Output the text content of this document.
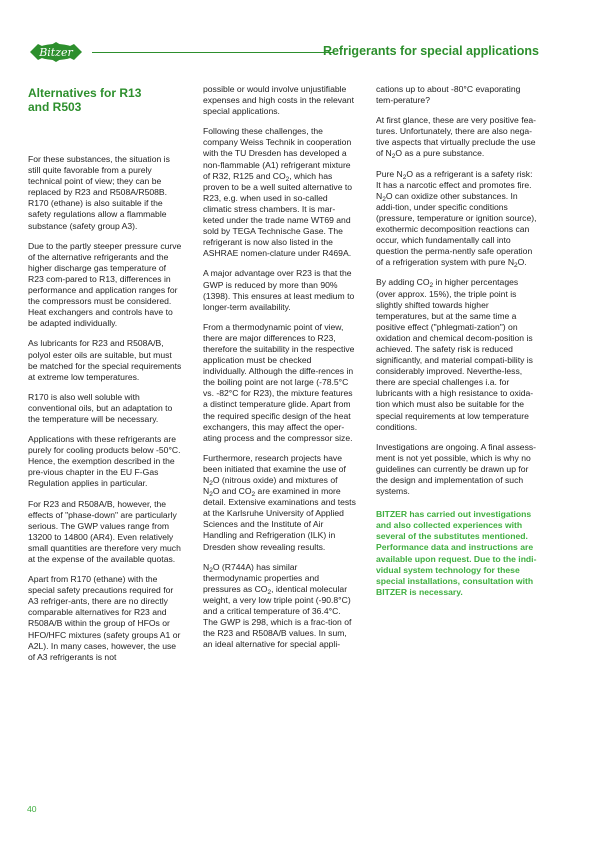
Bitzer	Refrigerants for special applications
Alternatives for R13
and R503

For these substances, the situation is still quite favorable from a purely technical point of view; they can be replaced by R23 and R508A/R508B. R170 (ethane) is also suitable if the safety regulations allow a flammable substance (safety group A3).

Due to the partly steeper pressure curve of the alternative refrigerants and the higher discharge gas temperature of R23 com-pared to R13, differences in performance and application ranges for the compressors must be considered. Heat exchangers and controls have to be adapted individually.

As lubricants for R23 and R508A/B, polyol ester oils are suitable, but must be matched for the special requirements at extreme low temperatures.

R170 is also well soluble with conventional oils, but an adaptation to the temperature will be necessary.

Applications with these refrigerants are purely for cooling products below -50°C. Hence, the exemption described in the pre-vious chapter in the EU F-Gas Regulation applies in particular.

For R23 and R508A/B, however, the effects of "phase-down" are particularly serious. The GWP values range from 13200 to 14800 (AR4). Even relatively small quantities are therefore very much at the expense of the available quotas.

Apart from R170 (ethane) with the special safety precautions required for A3 refriger-ants, there are no directly comparable alternatives for R23 and R508A/B within the group of HFOs or HFO/HFC mixtures (safety groups A1 or A2L). In many cases, however, the use of A3 refrigerants is not

possible or would involve unjustifiable expenses and high costs in the relevant special applications.

Following these challenges, the company Weiss Technik in cooperation with the TU Dresden has developed a non-flammable (A1) refrigerant mixture of R32, R125 and $CO_2$, which has proven to be a well suited alternative to R23, e.g. when used in so-called climatic stress chambers. It is mar-keted under the trade name WT69 and sold by TEGA Technische Gase. The refrigerant is now also listed in the ASHRAE nomen-clature under R469A.

A major advantage over R23 is that the GWP is reduced by more than 90% (1398). This ensures at least medium to longer-term availability.

From a thermodynamic point of view, there are major differences to R23, therefore the suitability in the respective application must be checked individually. Although the diffe-rences in the boiling point are not large (-78.5°C vs. -82°C for R23), the mixture features a distinct temperature glide. Apart from the required specific design of the heat exchangers, this may affect the oper-ating process and the compressor size.

Furthermore, research projects have been initiated that examine the use of $N_2O$ (nitrous oxide) and mixtures of $N_2O$ and $CO_2$ are examined in more detail. Extensive examinations and tests at the Karlsruhe University of Applied Sciences and the Institute of Air Handling and Refrigeration (ILK) in Dresden show revealing results.

$N_2O$ (R744A) has similar thermodynamic properties and pressures as $CO_2$, identical molecular weight, a very low triple point (-90.8°C) and a critical temperature of 36.4°C. The GWP is 298, which is a frac-tion of the R23 and R508A/B values. In sum, an ideal alternative for special appli-

cations up to about -80°C evaporating tem-perature?

At first glance, these are very positive fea-tures. Unfortunately, there are also nega-tive aspects that virtually preclude the use of $N_2O$ as a pure substance.

Pure $N_2O$ as a refrigerant is a safety risk: It has a narcotic effect and promotes fire. $N_2O$ can oxidize other substances. In addi-tion, under specific conditions (pressure, temperature or ignition source), exothermic decomposition reactions can occur, which fundamentally call into question the perma-nently safe operation of a refrigeration system with pure $N_2O$.

By adding $CO_2$ in higher percentages (over approx. 15%), the triple point is slightly shifted towards higher temperatures, but at the same time a positive effect ("phlegmati-zation") on oxidation and chemical decom-position is achieved. The safety risk is reduced significantly, and material compati-bility is considerably improved. Neverthe-less, there are special challenges i.a. for lubricants with a high resistance to oxida-tion which must also be suitable for the special requirements at low temperature conditions.

Investigations are ongoing. A final assess-ment is not yet possible, which is why no guidelines can currently be drawn up for the design and implementation of such systems.

BITZER has carried out investigations and also collected experiences with several of the substitutes mentioned. Performance data and instructions are available upon request. Due to the indi-vidual system technology for these special installations, consultation with BITZER is necessary.

40
